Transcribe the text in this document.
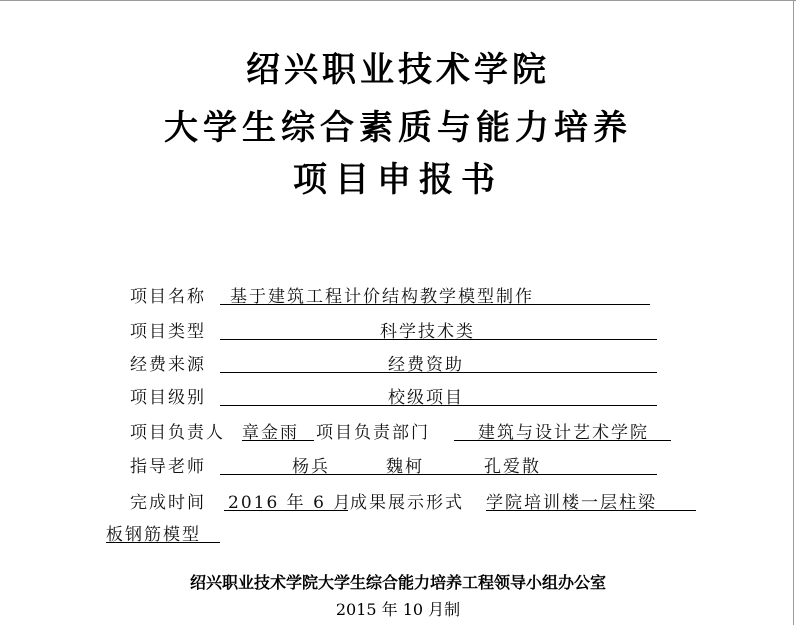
绍兴职业技术学院
大学生综合素质与能力培养
项目申报书
项目名称 基于建筑工程计价结构教学模型制作
项目类型	科学技术类
经费来源	经费资助
项目级别	校级项目
项目负责人 章金雨 项目负责部门	建筑与设计艺术学院
指导老师	杨兵	魏柯	孔爱散
完成时间 2016 年 6 月
成果展示形式 学院培训楼一层柱梁
板钢筋模型
绍兴职业技术学院大学生综合能力培养工程领导小组办公室
2015 年 10 月制
